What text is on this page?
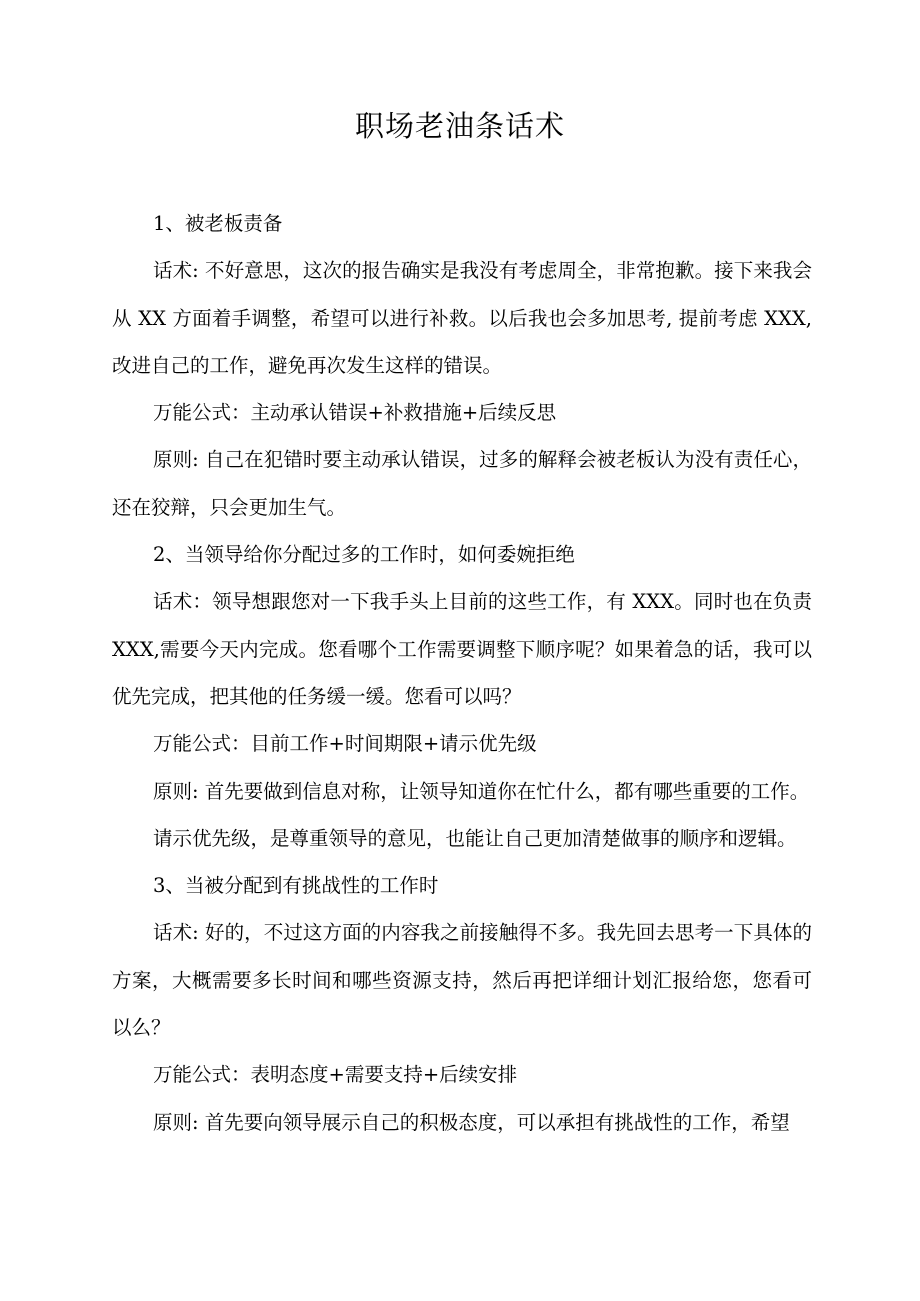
职场老油条话术

1、被老板责备

话术: 不好意思，这次的报告确实是我没有考虑周全，非常抱歉。接下来我会从 XX 方面着手调整，希望可以进行补救。以后我也会多加思考, 提前考虑 XXX,改进自己的工作，避免再次发生这样的错误。

万能公式：主动承认错误+补救措施+后续反思

原则: 自己在犯错时要主动承认错误，过多的解释会被老板认为没有责任心，还在狡辩，只会更加生气。

2、当领导给你分配过多的工作时，如何委婉拒绝

话术：领导想跟您对一下我手头上目前的这些工作，有 XXX。同时也在负责 XXX,需要今天内完成。您看哪个工作需要调整下顺序呢？如果着急的话，我可以优先完成，把其他的任务缓一缓。您看可以吗？

万能公式：目前工作+时间期限+请示优先级

原则: 首先要做到信息对称，让领导知道你在忙什么，都有哪些重要的工作。

请示优先级，是尊重领导的意见，也能让自己更加清楚做事的顺序和逻辑。

3、当被分配到有挑战性的工作时

话术: 好的，不过这方面的内容我之前接触得不多。我先回去思考一下具体的方案，大概需要多长时间和哪些资源支持，然后再把详细计划汇报给您，您看可以么？

万能公式：表明态度+需要支持+后续安排

原则: 首先要向领导展示自己的积极态度，可以承担有挑战性的工作，希望
